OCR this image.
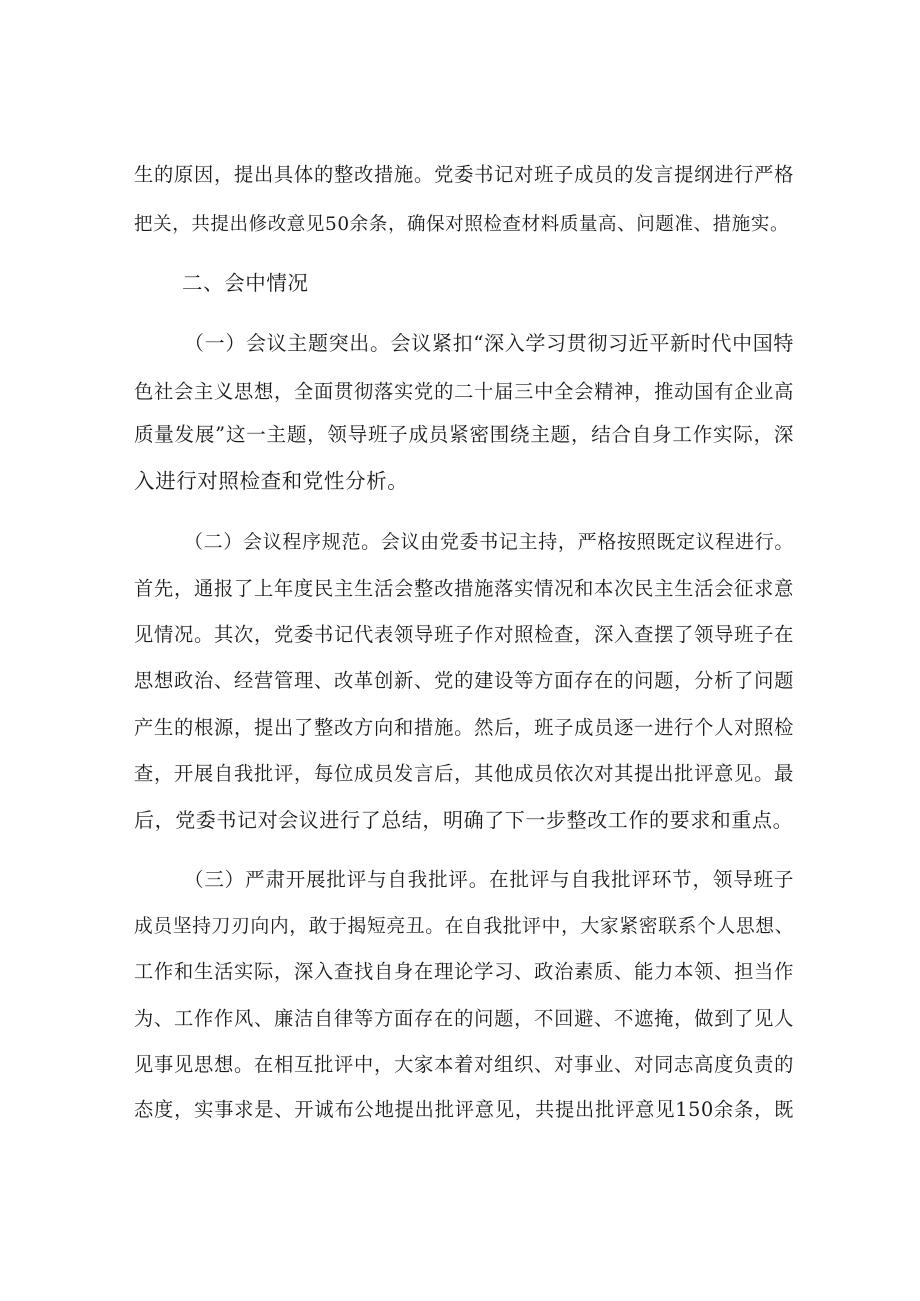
生的原因，提出具体的整改措施。党委书记对班子成员的发言提纲进行严格
把关，共提出修改意见50余条，确保对照检查材料质量高、问题准、措施实。
二、会中情况
（一）会议主题突出。会议紧扣“深入学习贯彻习近平新时代中国特
色社会主义思想，全面贯彻落实党的二十届三中全会精神，推动国有企业高
质量发展”这一主题，领导班子成员紧密围绕主题，结合自身工作实际，深
入进行对照检查和党性分析。
（二）会议程序规范。会议由党委书记主持，严格按照既定议程进行。
首先，通报了上年度民主生活会整改措施落实情况和本次民主生活会征求意
见情况。其次，党委书记代表领导班子作对照检查，深入查摆了领导班子在
思想政治、经营管理、改革创新、党的建设等方面存在的问题，分析了问题
产生的根源，提出了整改方向和措施。然后，班子成员逐一进行个人对照检
查，开展自我批评，每位成员发言后，其他成员依次对其提出批评意见。最
后，党委书记对会议进行了总结，明确了下一步整改工作的要求和重点。
（三）严肃开展批评与自我批评。在批评与自我批评环节，领导班子
成员坚持刀刃向内，敢于揭短亮丑。在自我批评中，大家紧密联系个人思想、
工作和生活实际，深入查找自身在理论学习、政治素质、能力本领、担当作
为、工作作风、廉洁自律等方面存在的问题，不回避、不遮掩，做到了见人
见事见思想。在相互批评中，大家本着对组织、对事业、对同志高度负责的
态度，实事求是、开诚布公地提出批评意见，共提出批评意见150余条，既
